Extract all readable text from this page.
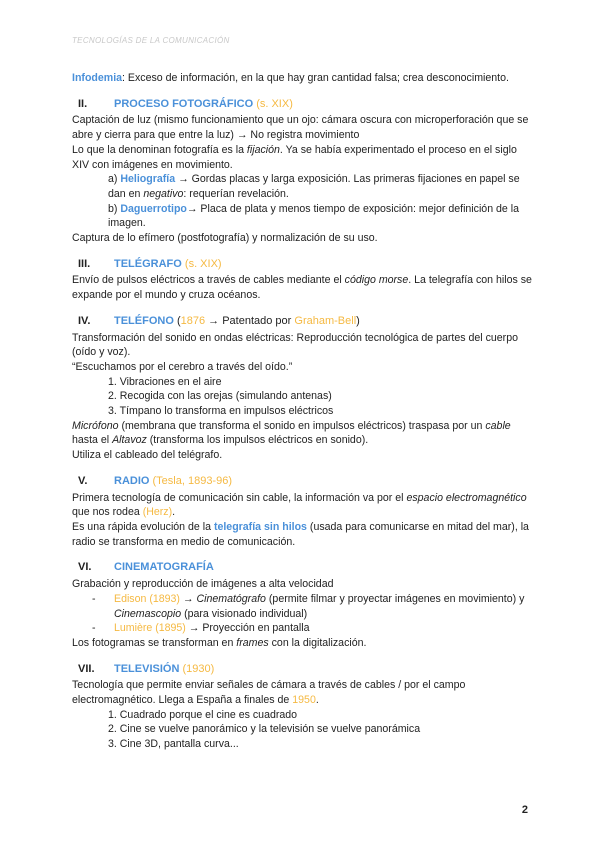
TECNOLOGÍAS DE LA COMUNICACIÓN

Infodemia: Exceso de información, en la que hay gran cantidad falsa; crea desconocimiento.

II.	PROCESO FOTOGRÁFICO (s. XIX)

Captación de luz (mismo funcionamiento que un ojo: cámara oscura con microperforación que se abre y cierra para que entre la luz) → No registra movimiento

Lo que la denominan fotografía es la fijación. Ya se había experimentado el proceso en el siglo XIV con imágenes en movimiento.

a) Heliografía → Gordas placas y larga exposición. Las primeras fijaciones en papel se dan en negativo: requerían revelación.

b) Daguerrotipo→ Placa de plata y menos tiempo de exposición: mejor definición de la imagen.

Captura de lo efímero (postfotografía) y normalización de su uso.

III.	TELÉGRAFO (s. XIX)

Envío de pulsos eléctricos a través de cables mediante el código morse. La telegrafía con hilos se expande por el mundo y cruza océanos.

IV.	TELÉFONO (1876 → Patentado por Graham-Bell)

Transformación del sonido en ondas eléctricas: Reproducción tecnológica de partes del cuerpo (oído y voz).

“Escuchamos por el cerebro a través del oído.”

1. Vibraciones en el aire

2. Recogida con las orejas (simulando antenas)

3. Tímpano lo transforma en impulsos eléctricos

Micrófono (membrana que transforma el sonido en impulsos eléctricos) traspasa por un cable hasta el Altavoz (transforma los impulsos eléctricos en sonido).

Utiliza el cableado del telégrafo.

V.	RADIO (Tesla, 1893-96)

Primera tecnología de comunicación sin cable, la información va por el espacio electromagnético que nos rodea (Herz).

Es una rápida evolución de la telegrafía sin hilos (usada para comunicarse en mitad del mar), la radio se transforma en medio de comunicación.

VI.	CINEMATOGRAFÍA

Grabación y reproducción de imágenes a alta velocidad

-	Edison (1893) → Cinematógrafo (permite filmar y proyectar imágenes en movimiento) y Cinemascopio (para visionado individual)
-	Lumière (1895) → Proyección en pantalla

Los fotogramas se transforman en frames con la digitalización.

VII.	TELEVISIÓN (1930)

Tecnología que permite enviar señales de cámara a través de cables / por el campo electromagnético. Llega a España a finales de 1950.

1. Cuadrado porque el cine es cuadrado

2. Cine se vuelve panorámico y la televisión se vuelve panorámica

3. Cine 3D, pantalla curva...

2
